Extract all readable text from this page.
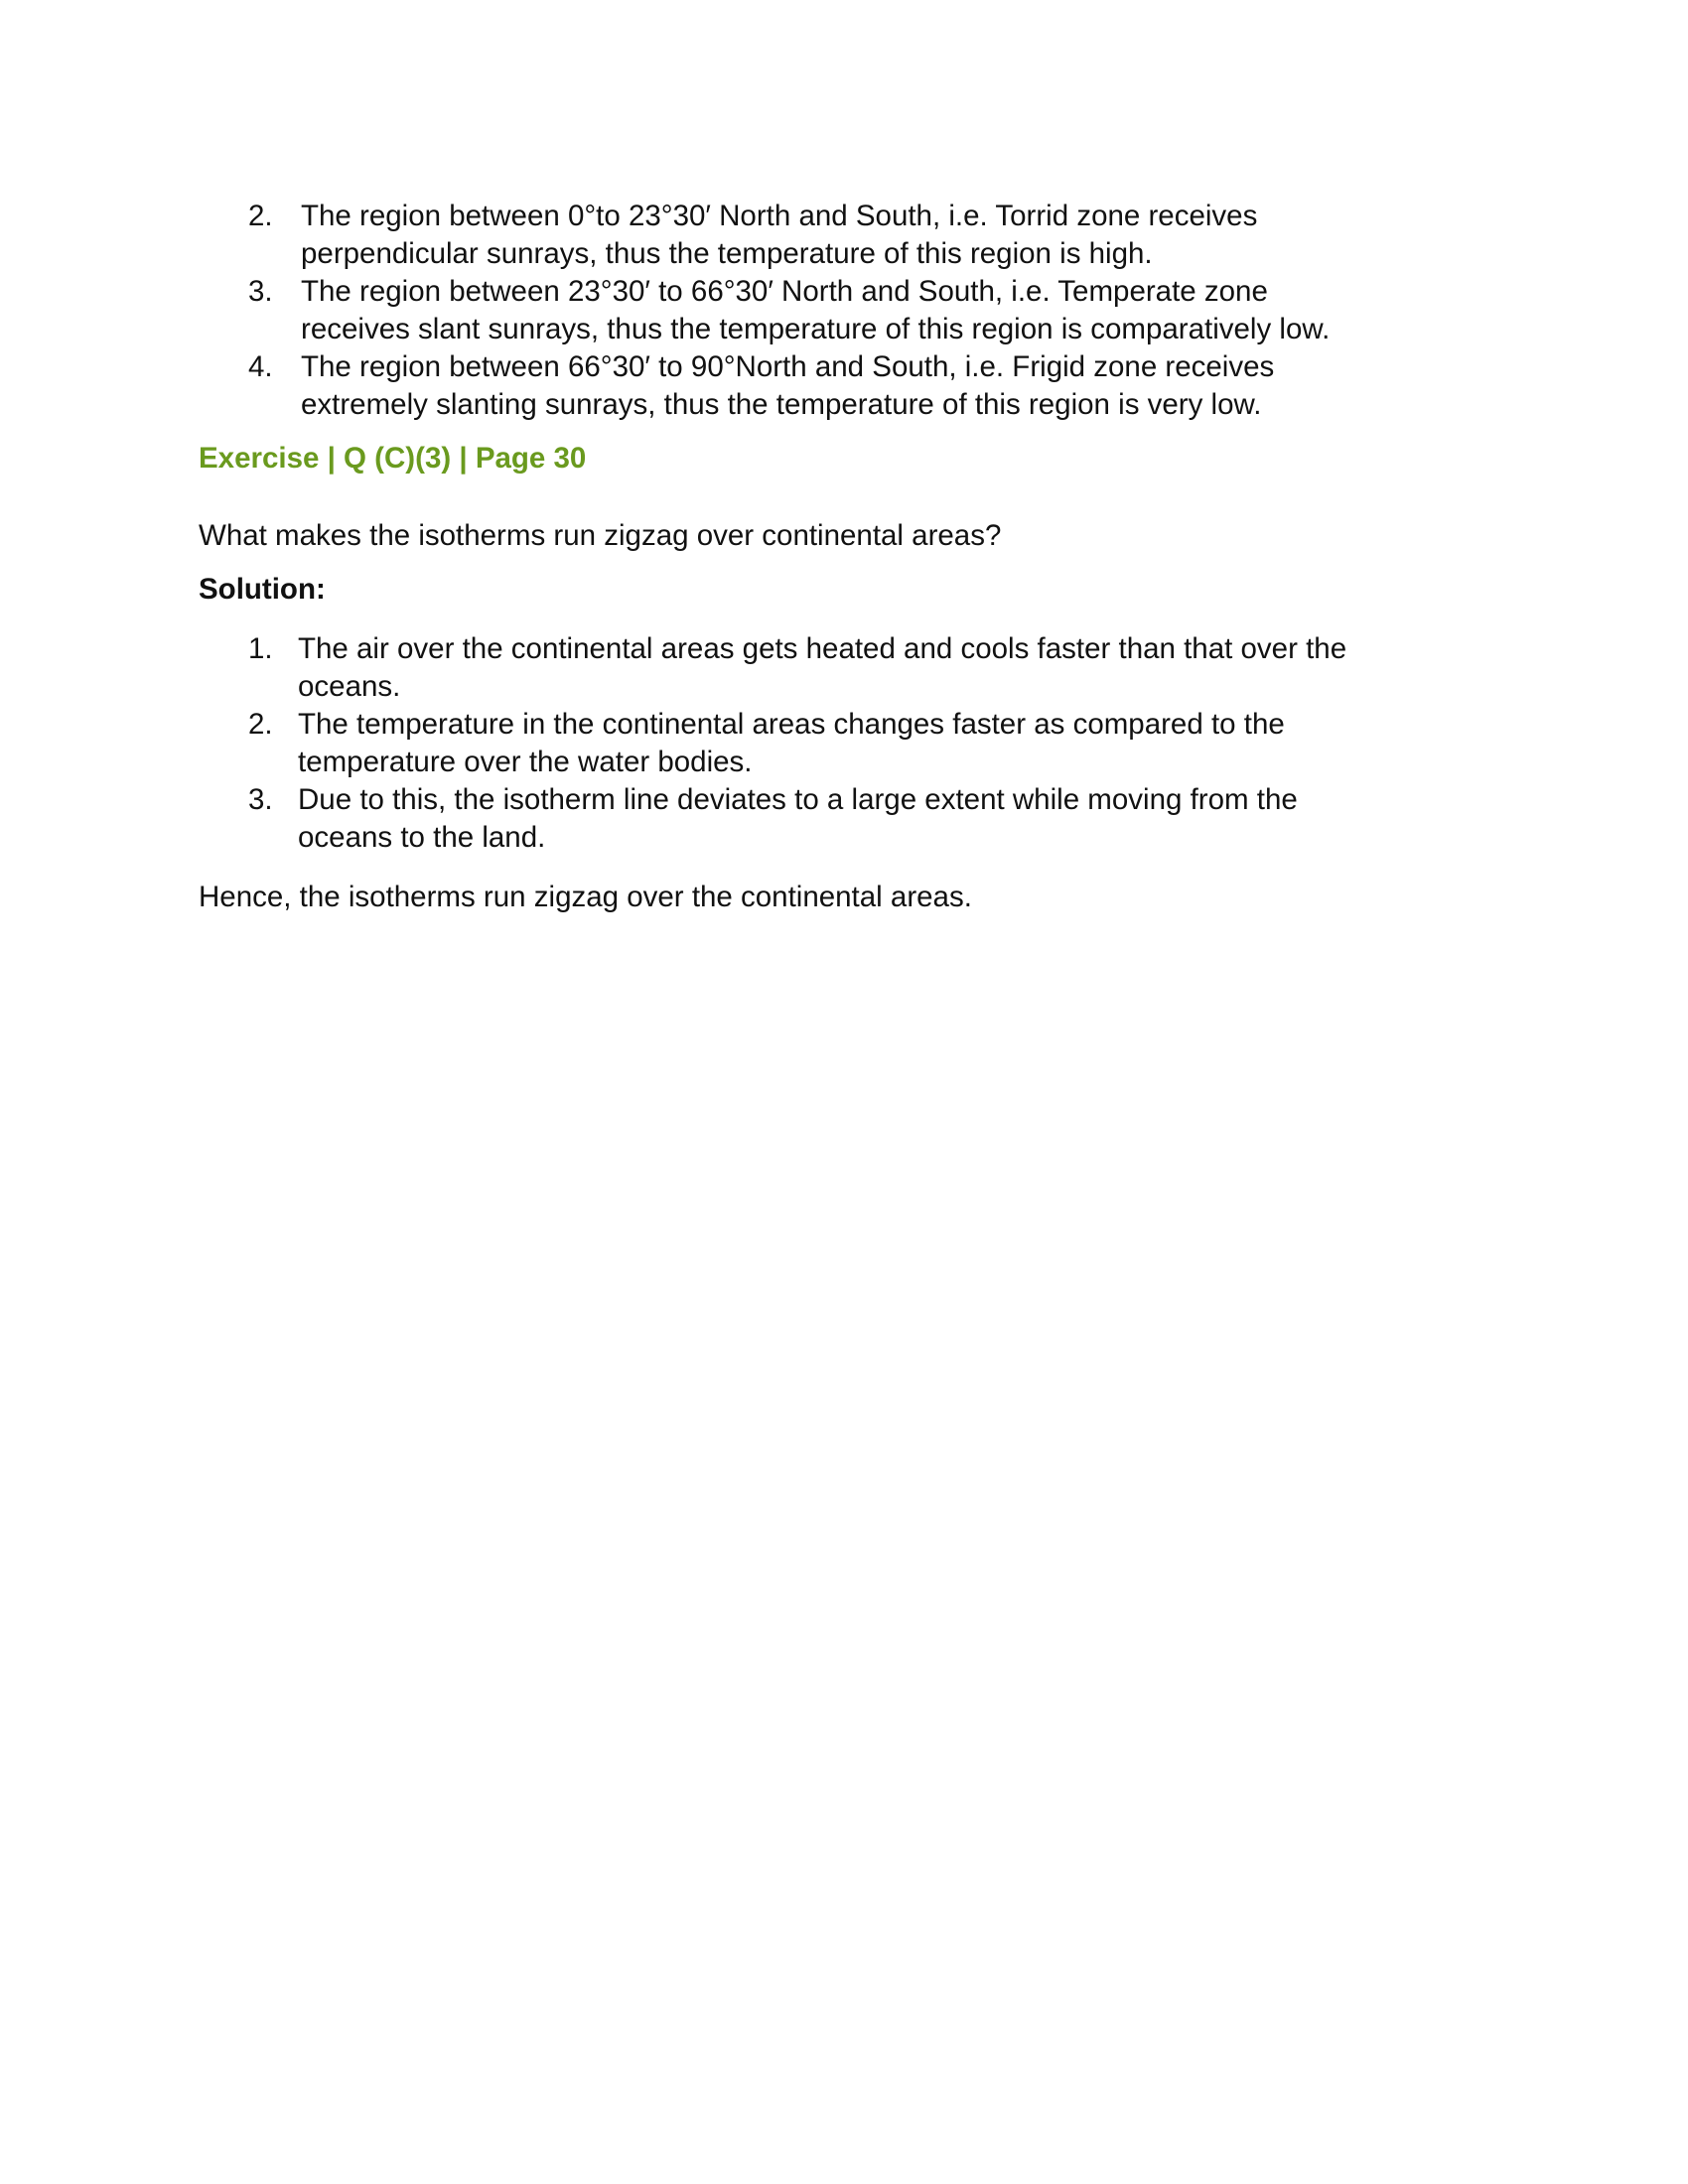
2. The region between 0°to 23°30′ North and South, i.e. Torrid zone receives
perpendicular sunrays, thus the temperature of this region is high.
3. The region between 23°30′ to 66°30′ North and South, i.e. Temperate zone
receives slant sunrays, thus the temperature of this region is comparatively low.
4. The region between 66°30′ to 90°North and South, i.e. Frigid zone receives
extremely slanting sunrays, thus the temperature of this region is very low.
Exercise | Q (C)(3) | Page 30
What makes the isotherms run zigzag over continental areas?
Solution:
1. The air over the continental areas gets heated and cools faster than that over the
oceans.
2. The temperature in the continental areas changes faster as compared to the
temperature over the water bodies.
3. Due to this, the isotherm line deviates to a large extent while moving from the
oceans to the land.
Hence, the isotherms run zigzag over the continental areas.
